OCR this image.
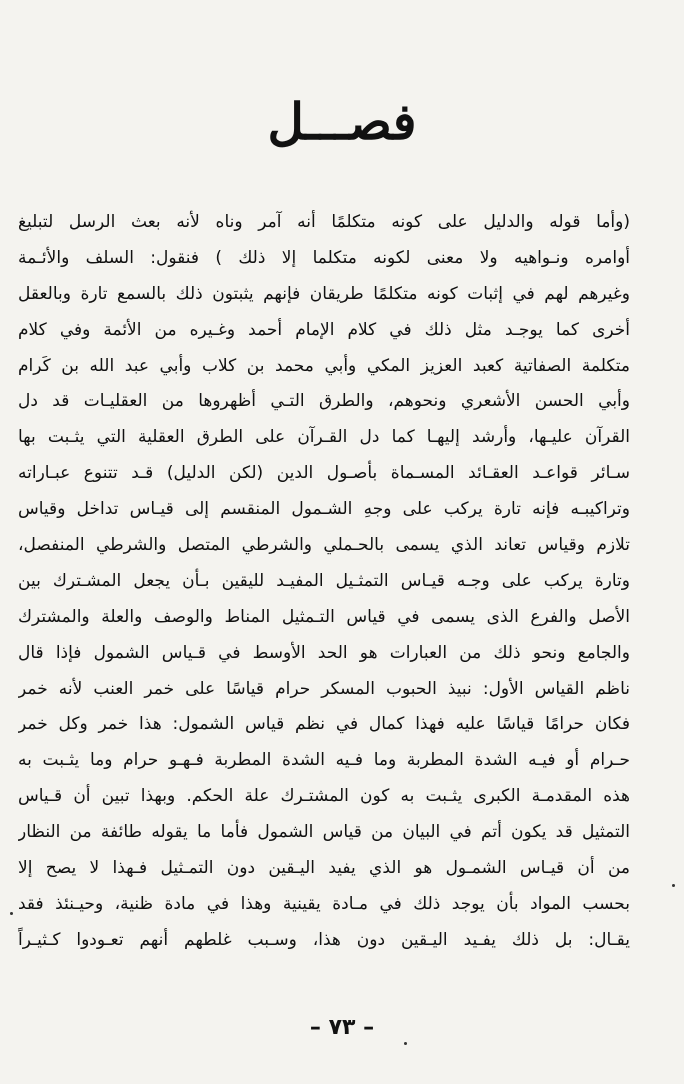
فصـــل
(وأما قوله والدليل على كونه متكلمًا أنه آمر وناه لأنه بعث الرسل لتبليغ
أوامره ونـواهيه ولا معنى لكونه متكلما إلا ذلك ) فنقول: السلف والأئـمة
وغيرهم لهم في إثبات كونه متكلمًا طريقان فإنهم يثبتون ذلك بالسمع تارة وبالعقل
أخرى كما يوجـد مثل ذلك في كلام الإمام أحمد وغـيره من الأئمة وفي كلام
متكلمة الصفاتية كعبد العزيز المكي وأبي محمد بن كلاب وأبي عبد الله بن كَرام
وأبي الحسن الأشعري ونحوهم، والطرق التـي أظهروها من العقليـات قد دل
القرآن عليـها، وأرشد إليهـا كما دل القـرآن على الطرق العقلية التي يثـبت بها
سـائر قواعـد العقـائد المسـماة بأصـول الدين (لكن الدليل) قـد تتنوع عبـاراته
وتراكيبـه فإنه تارة يركب على وجهِ الشـمول المنقسم إلى قيـاس تداخل وقياس
تلازم وقياس تعاند الذي يسمى بالحـملي والشرطي المتصل والشرطي المنفصل،
وتارة يركب على وجـه قيـاس التمثـيل المفيـد لليقين بـأن يجعل المشـترك بين
الأصل والفرع الذى يسمى في قياس التـمثيل المناط والوصف والعلة والمشترك
والجامع ونحو ذلك من العبارات هو الحد الأوسط في قـياس الشمول فإذا قال
ناظم القياس الأول: نبيذ الحبوب المسكر حرام قياسًا على خمر العنب لأنه خمر
فكان حرامًا قياسًا عليه فهذا كمال في نظم قياس الشمول: هذا خمر وكل خمر
حـرام أو فيـه الشدة المطربة وما فـيه الشدة المطربة فـهـو حرام وما يثـبت به
هذه المقدمـة الكبرى يثـبت به كون المشتـرك علة الحكم. وبهذا تبين أن قـياس
التمثيل قد يكون أتم في البيان من قياس الشمول فأما ما يقوله طائفة من النظار
من أن قيـاس الشمـول هو الذي يفيد اليـقين دون التمـثيل فـهذا لا يصح إلا
بحسب المواد بأن يوجد ذلك في مـادة يقينية وهذا في مادة ظنية، وحيـنئذ فقد
يقـال: بل ذلك يفـيد اليـقين دون هذا، وسـبب غلطهم أنهم تعـودوا كـثيـراً
– ٧٣ –
